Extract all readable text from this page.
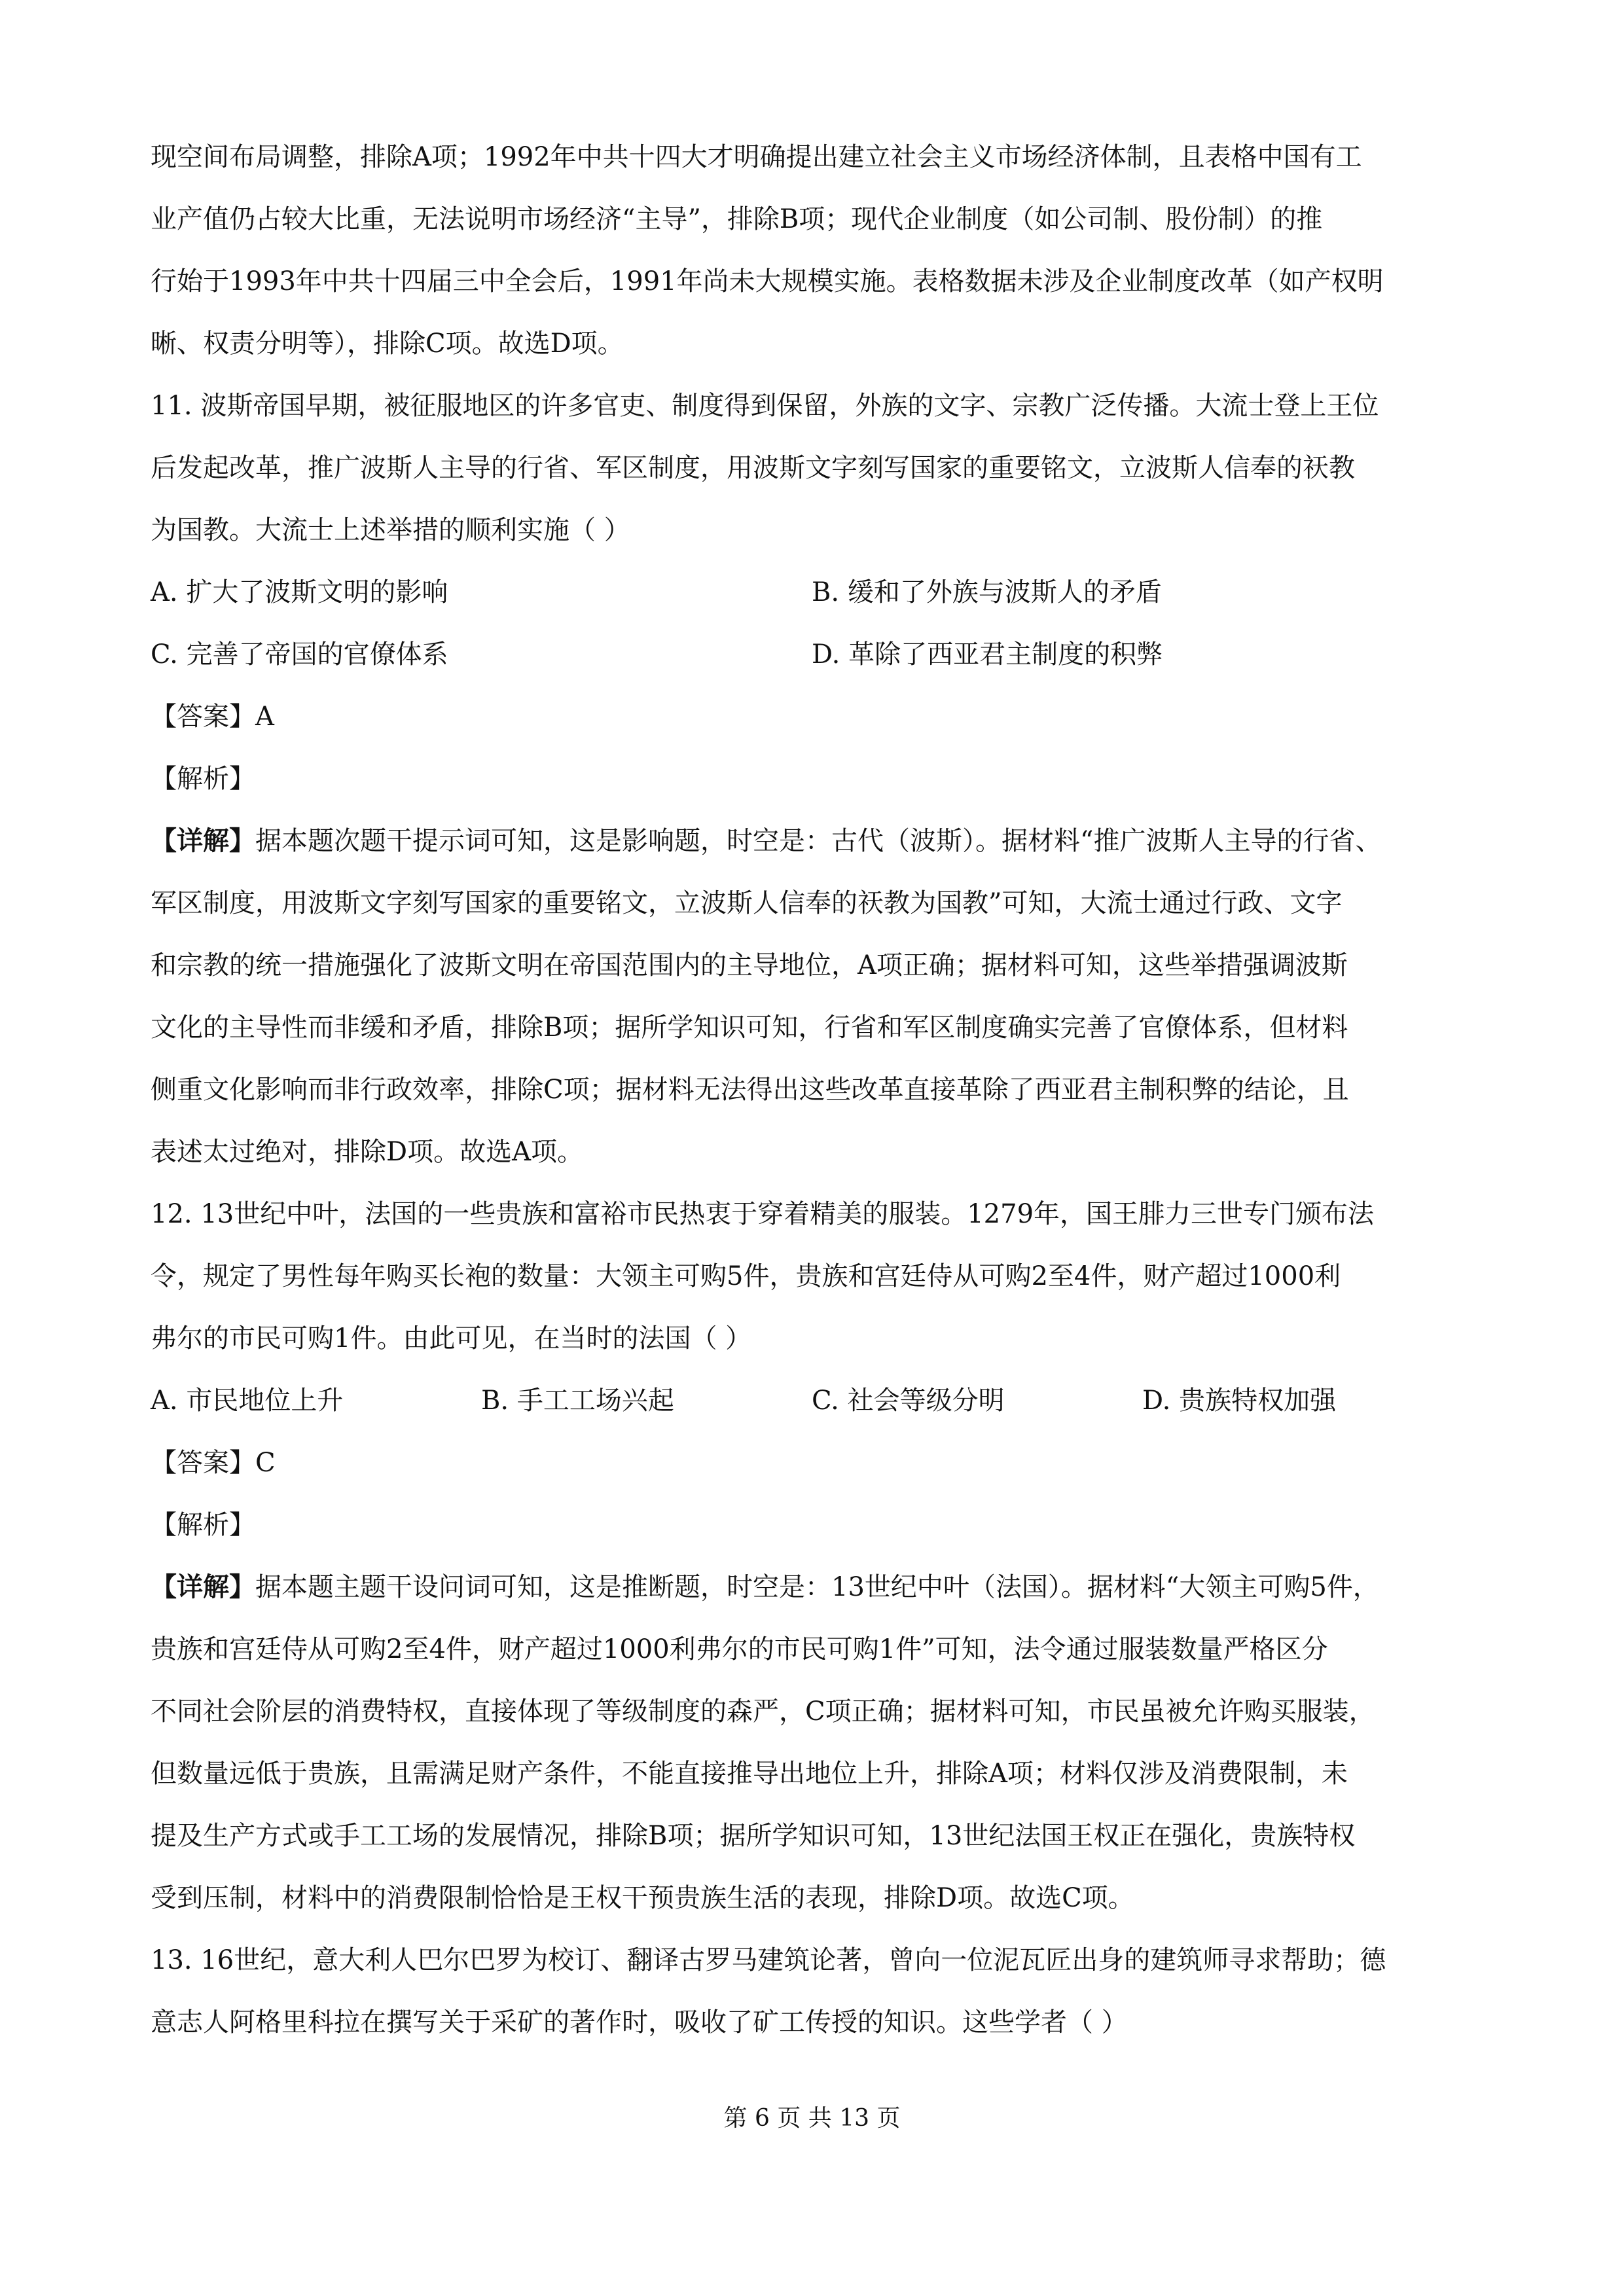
现空间布局调整，排除A项；1992年中共十四大才明确提出建立社会主义市场经济体制，且表格中国有工
业产值仍占较大比重，无法说明市场经济“主导”，排除B项；现代企业制度（如公司制、股份制）的推
行始于1993年中共十四届三中全会后，1991年尚未大规模实施。表格数据未涉及企业制度改革（如产权明
晰、权责分明等），排除C项。故选D项。
11. 波斯帝国早期，被征服地区的许多官吏、制度得到保留，外族的文字、宗教广泛传播。大流士登上王位
后发起改革，推广波斯人主导的行省、军区制度，用波斯文字刻写国家的重要铭文，立波斯人信奉的祆教
为国教。大流士上述举措的顺利实施（ ）
A. 扩大了波斯文明的影响	B. 缓和了外族与波斯人的矛盾
C. 完善了帝国的官僚体系	D. 革除了西亚君主制度的积弊
【答案】A
【解析】
【详解】据本题次题干提示词可知，这是影响题，时空是：古代（波斯）。据材料“推广波斯人主导的行省、
军区制度，用波斯文字刻写国家的重要铭文，立波斯人信奉的祆教为国教”可知，大流士通过行政、文字
和宗教的统一措施强化了波斯文明在帝国范围内的主导地位，A项正确；据材料可知，这些举措强调波斯
文化的主导性而非缓和矛盾，排除B项；据所学知识可知，行省和军区制度确实完善了官僚体系，但材料
侧重文化影响而非行政效率，排除C项；据材料无法得出这些改革直接革除了西亚君主制积弊的结论，且
表述太过绝对，排除D项。故选A项。
12. 13世纪中叶，法国的一些贵族和富裕市民热衷于穿着精美的服装。1279年，国王腓力三世专门颁布法
令，规定了男性每年购买长袍的数量：大领主可购5件，贵族和宫廷侍从可购2至4件，财产超过1000利
弗尔的市民可购1件。由此可见，在当时的法国（ ）
A. 市民地位上升	B. 手工工场兴起	C. 社会等级分明	D. 贵族特权加强
【答案】C
【解析】
【详解】据本题主题干设问词可知，这是推断题，时空是：13世纪中叶（法国）。据材料“大领主可购5件，
贵族和宫廷侍从可购2至4件，财产超过1000利弗尔的市民可购1件”可知，法令通过服装数量严格区分
不同社会阶层的消费特权，直接体现了等级制度的森严，C项正确；据材料可知，市民虽被允许购买服装，
但数量远低于贵族，且需满足财产条件，不能直接推导出地位上升，排除A项；材料仅涉及消费限制，未
提及生产方式或手工工场的发展情况，排除B项；据所学知识可知，13世纪法国王权正在强化，贵族特权
受到压制，材料中的消费限制恰恰是王权干预贵族生活的表现，排除D项。故选C项。
13. 16世纪，意大利人巴尔巴罗为校订、翻译古罗马建筑论著，曾向一位泥瓦匠出身的建筑师寻求帮助；德
意志人阿格里科拉在撰写关于采矿的著作时，吸收了矿工传授的知识。这些学者（ ）
第 6 页 共 13 页
